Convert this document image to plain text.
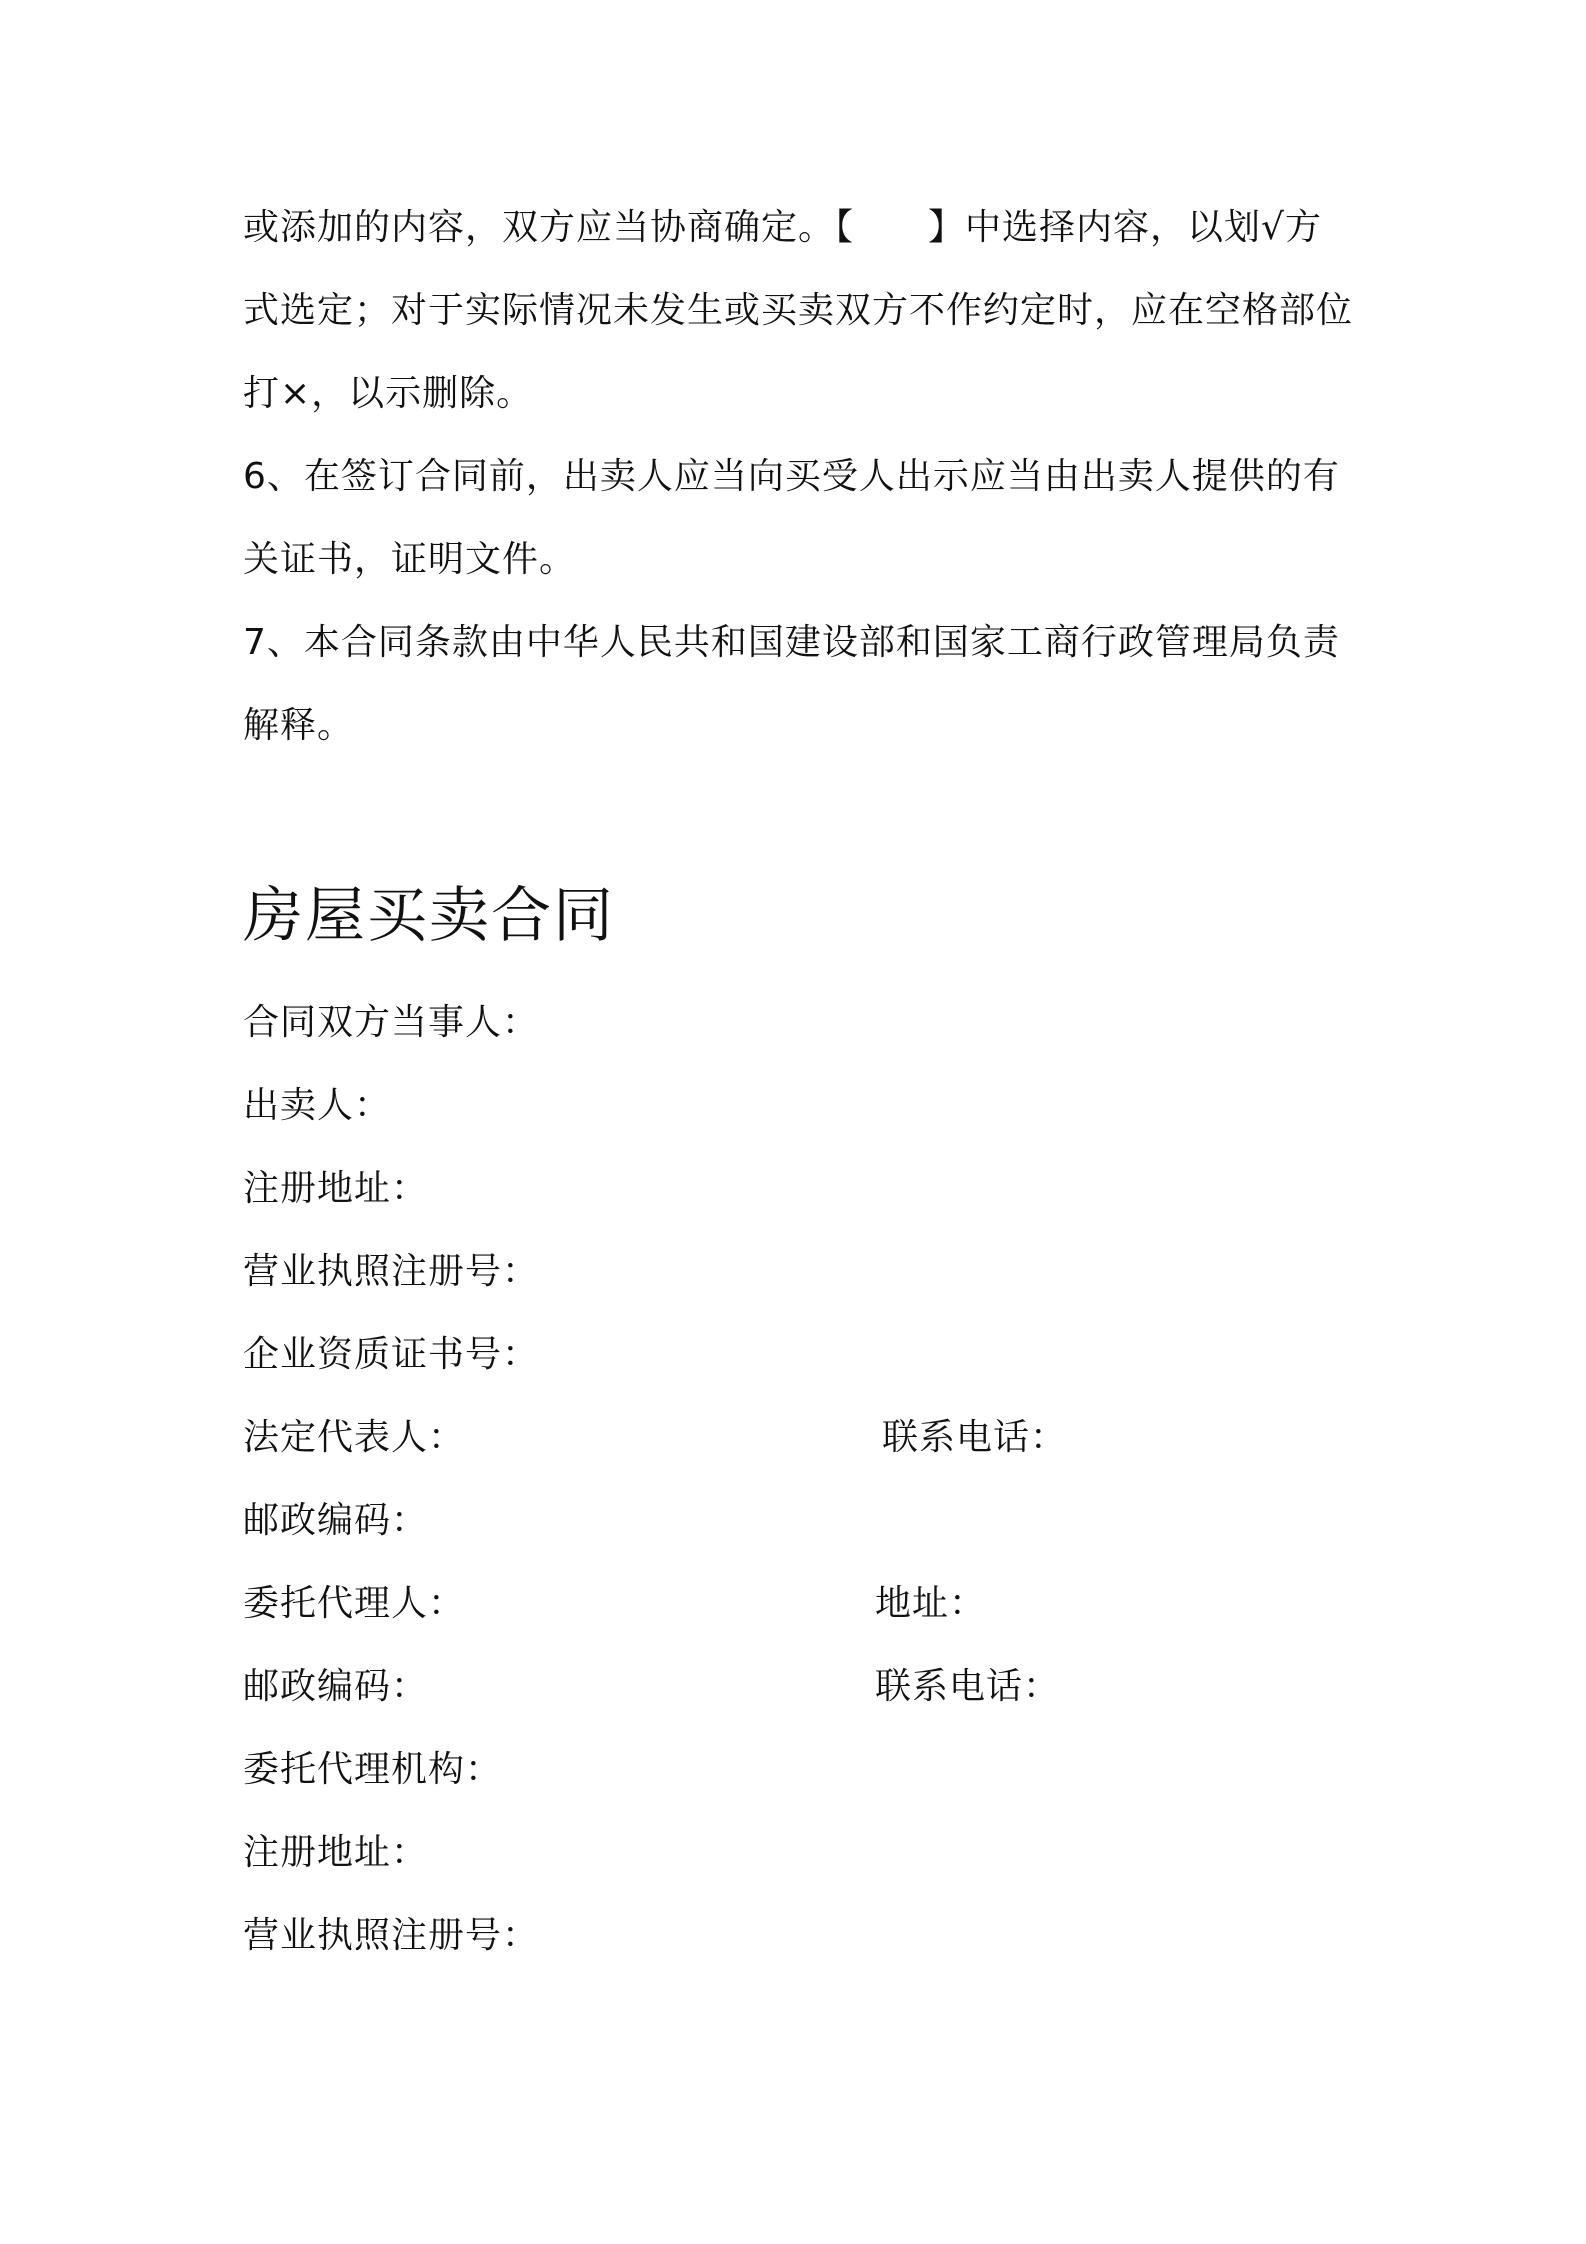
或添加的内容，双方应当协商确定。【　　】中选择内容，以划√方
式选定；对于实际情况未发生或买卖双方不作约定时，应在空格部位
打×，以示删除。
6、在签订合同前，出卖人应当向买受人出示应当由出卖人提供的有
关证书，证明文件。
7、本合同条款由中华人民共和国建设部和国家工商行政管理局负责
解释。
房屋买卖合同
合同双方当事人：
出卖人：
注册地址：
营业执照注册号：
企业资质证书号：
法定代表人：	联系电话：
邮政编码：
委托代理人：	地址：
邮政编码：	联系电话：
委托代理机构：
注册地址：
营业执照注册号：
